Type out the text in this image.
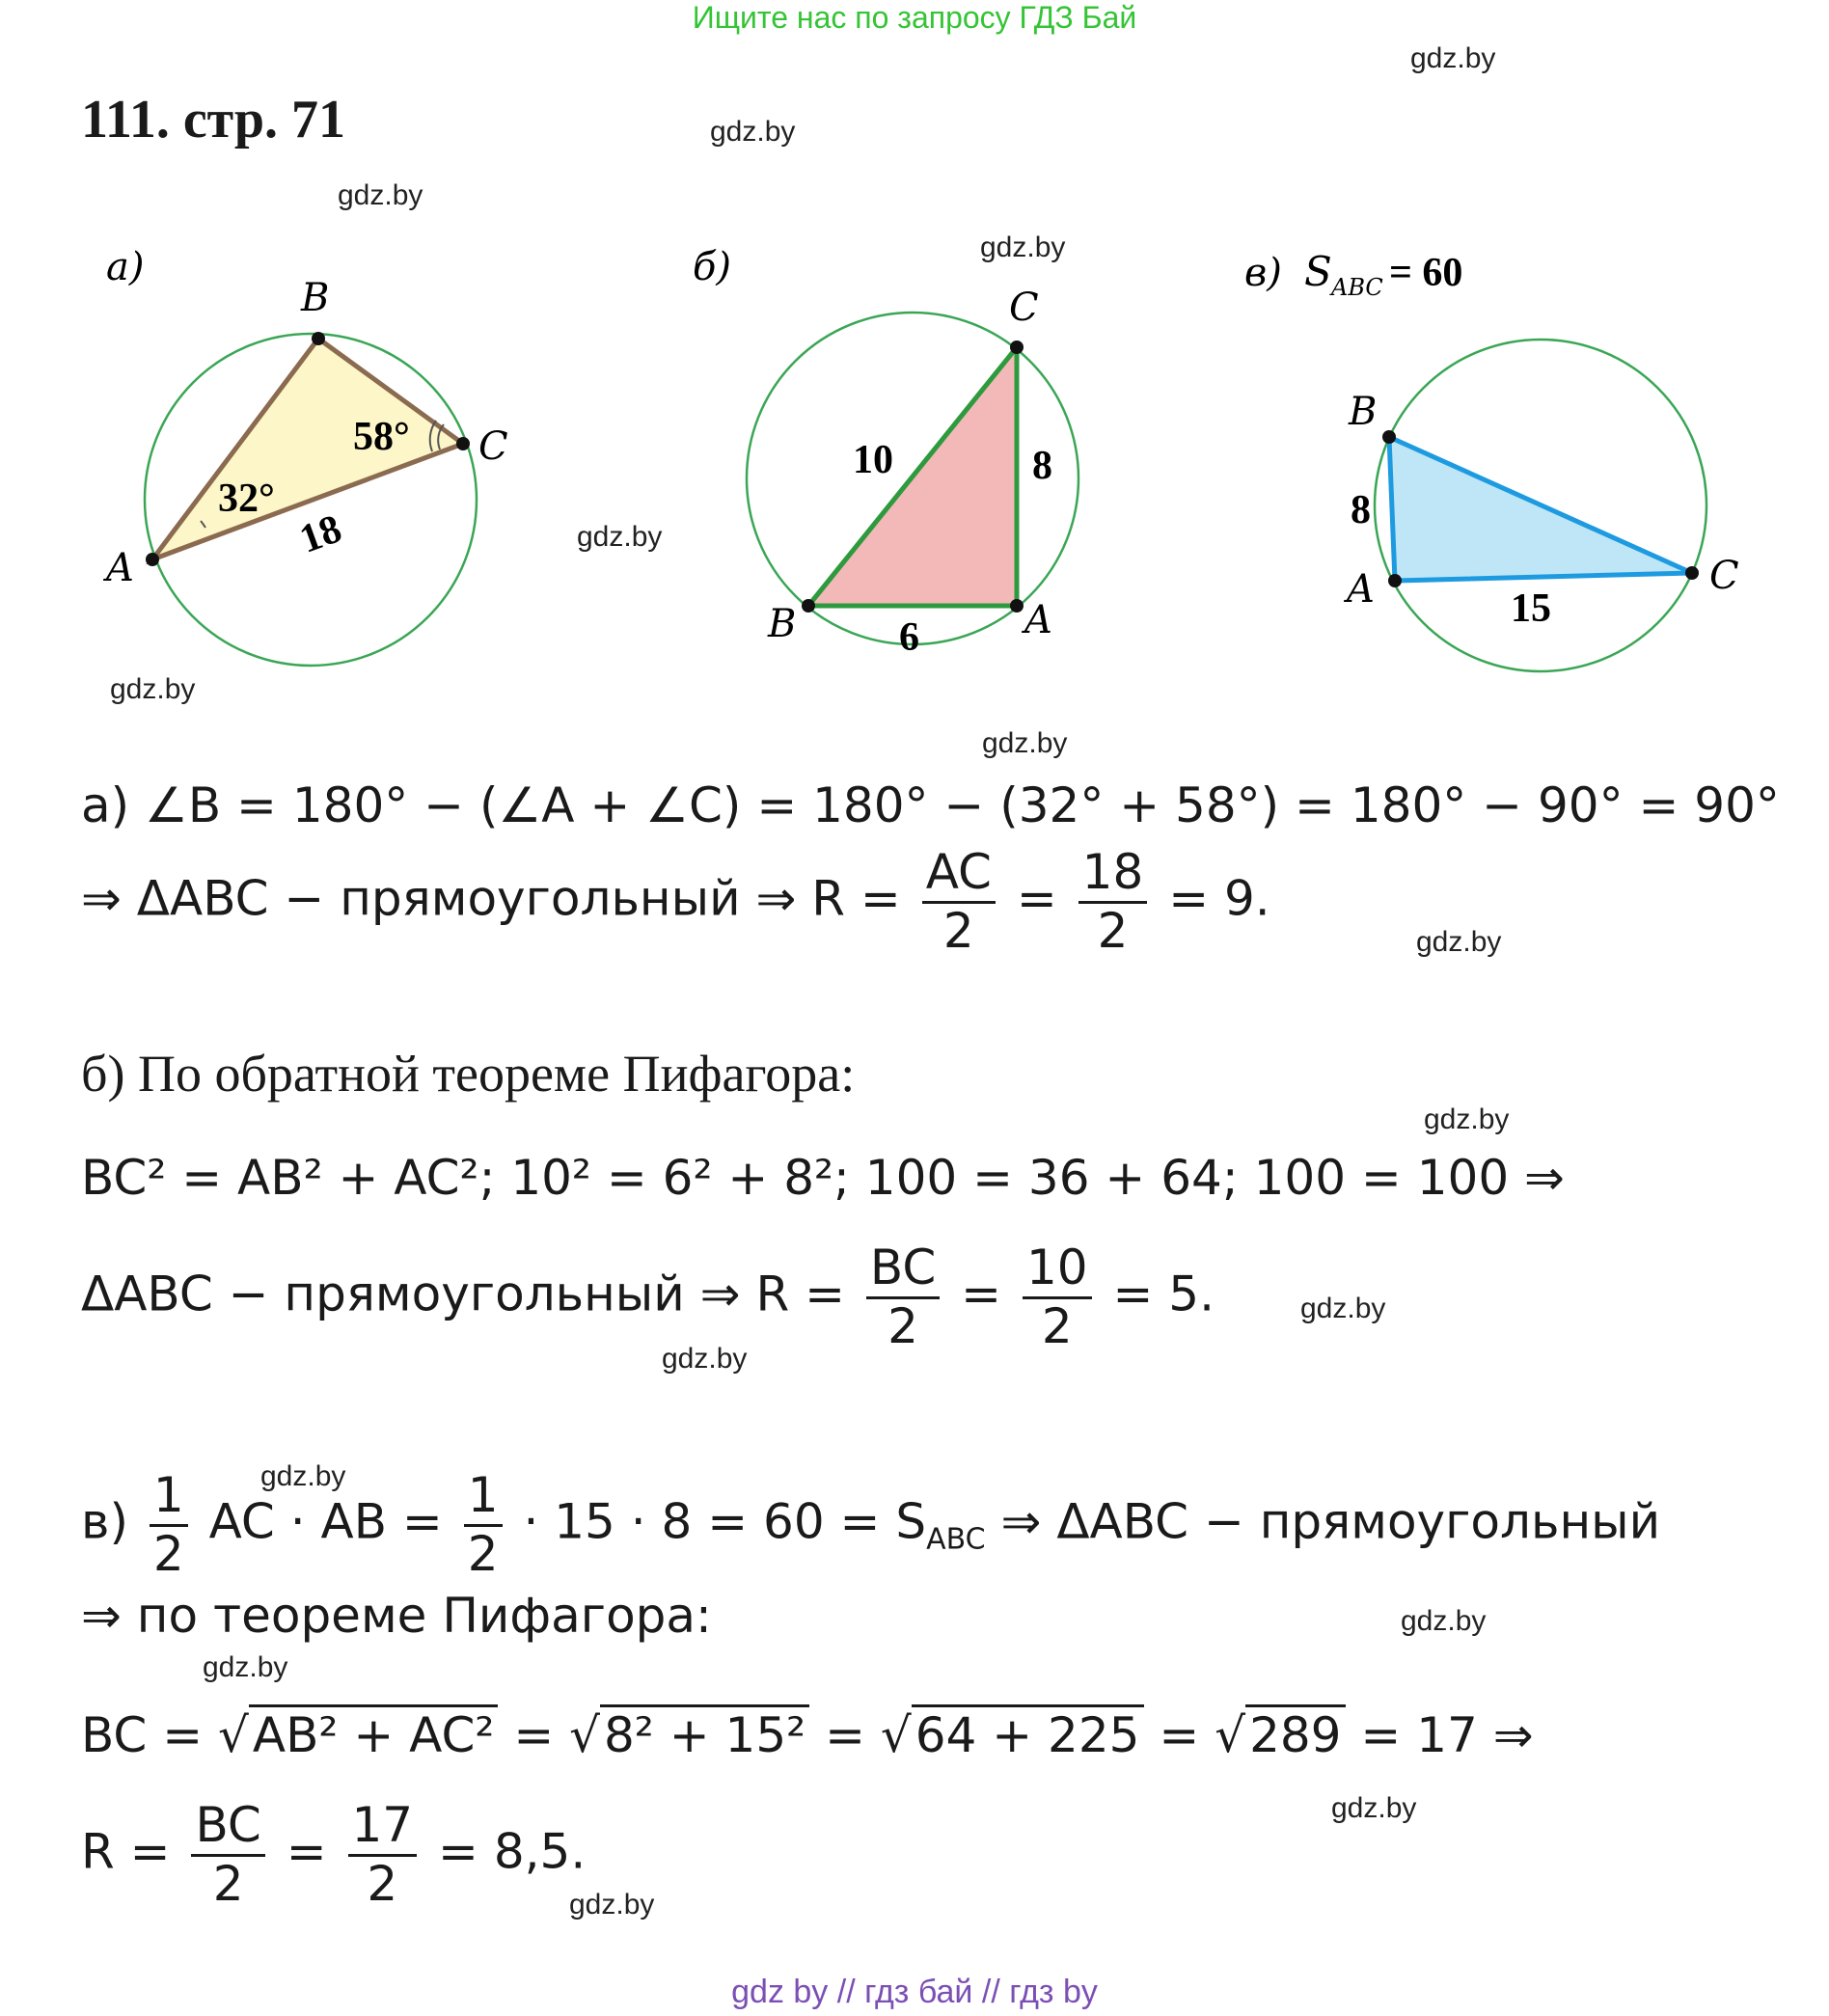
Ищите нас по запросу ГДЗ Бай
gdz.by
gdz.by
gdz.by
gdz.by
gdz.by
gdz.by
gdz.by
gdz.by
gdz.by
gdz.by
gdz.by
gdz.by
gdz.by
gdz.by
gdz.by
gdz.by
111. стр. 71
а)
A
B
C
32°
58°
18
б)
B
C
A
10	8
6
в) S ABC = 60
B
A	C
8
15
а) ∠B = 180° − (∠A + ∠C) = 180° − (32° + 58°) = 180° − 90° = 90°
⇒ ΔABC − прямоугольный ⇒ $R = \frac{AC}{2} = \frac{18}{2} = 9$.
б) По обратной теореме Пифагора:
BC² = AB² + AC²; 10² = 6² + 8²; 100 = 36 + 64; 100 = 100 ⇒
ΔABC − прямоугольный ⇒ $R = \frac{BC}{2} = \frac{10}{2} = 5$.
$в) \frac{1}{2}$ AC · AB = $\frac{1}{2} \cdot 15 \cdot 8 = 60 = S_{ABC}$ ⇒ ΔABC − прямоугольный
⇒ по теореме Пифагора:
BC = √AB² + AC² = √8² + 15² = √64 + 225 = √289 = 17 ⇒
$R = \frac{BC}{2} = \frac{17}{2} = 8,5$.
gdz by // гдз бай // гдз by
